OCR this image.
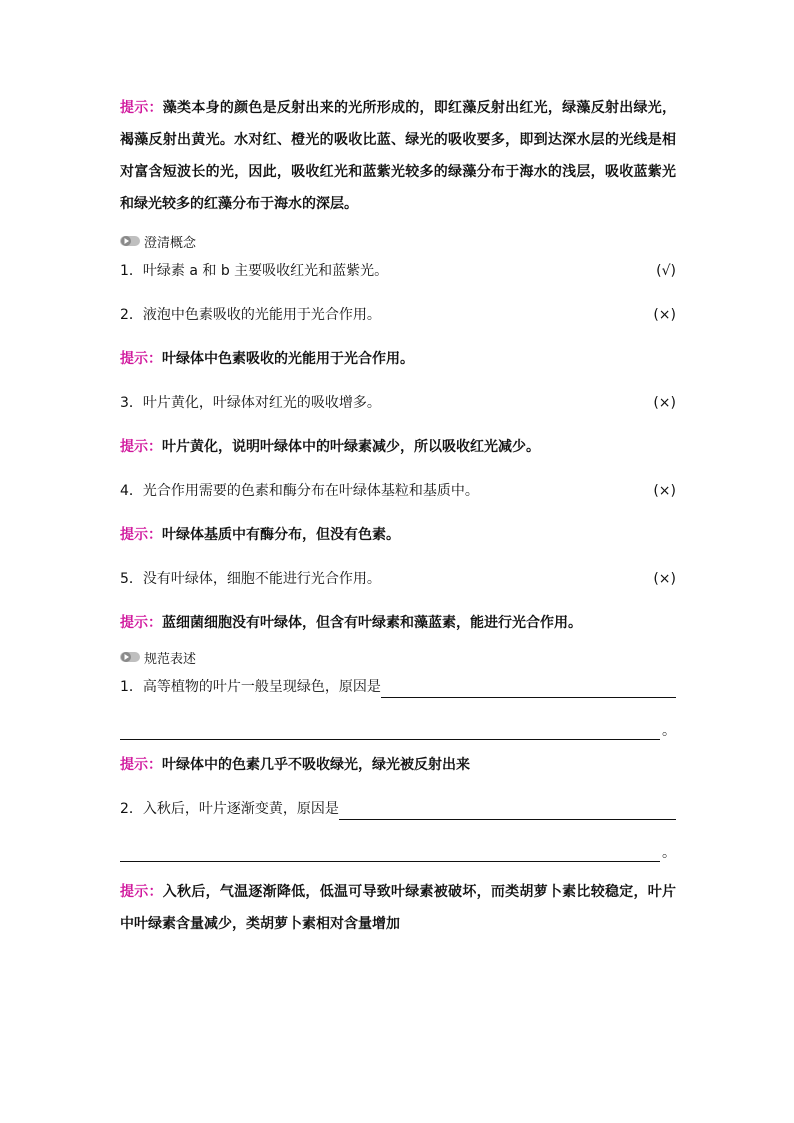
提示：藻类本身的颜色是反射出来的光所形成的，即红藻反射出红光，绿藻反射出绿光，褐藻反射出黄光。水对红、橙光的吸收比蓝、绿光的吸收要多，即到达深水层的光线是相对富含短波长的光，因此，吸收红光和蓝紫光较多的绿藻分布于海水的浅层，吸收蓝紫光和绿光较多的红藻分布于海水的深层。

澄清概念
1．叶绿素 a 和 b 主要吸收红光和蓝紫光。	(√)
2．液泡中色素吸收的光能用于光合作用。	(×)

提示：叶绿体中色素吸收的光能用于光合作用。

3．叶片黄化，叶绿体对红光的吸收增多。	(×)

提示：叶片黄化，说明叶绿体中的叶绿素减少，所以吸收红光减少。

4．光合作用需要的色素和酶分布在叶绿体基粒和基质中。	(×)

提示：叶绿体基质中有酶分布，但没有色素。

5．没有叶绿体，细胞不能进行光合作用。	(×)

提示：蓝细菌细胞没有叶绿体，但含有叶绿素和藻蓝素，能进行光合作用。

规范表述
1．高等植物的叶片一般呈现绿色，原因是
。

提示：叶绿体中的色素几乎不吸收绿光，绿光被反射出来

2．入秋后，叶片逐渐变黄，原因是
。

提示：入秋后，气温逐渐降低，低温可导致叶绿素被破坏，而类胡萝卜素比较稳定，叶片中叶绿素含量减少，类胡萝卜素相对含量增加
